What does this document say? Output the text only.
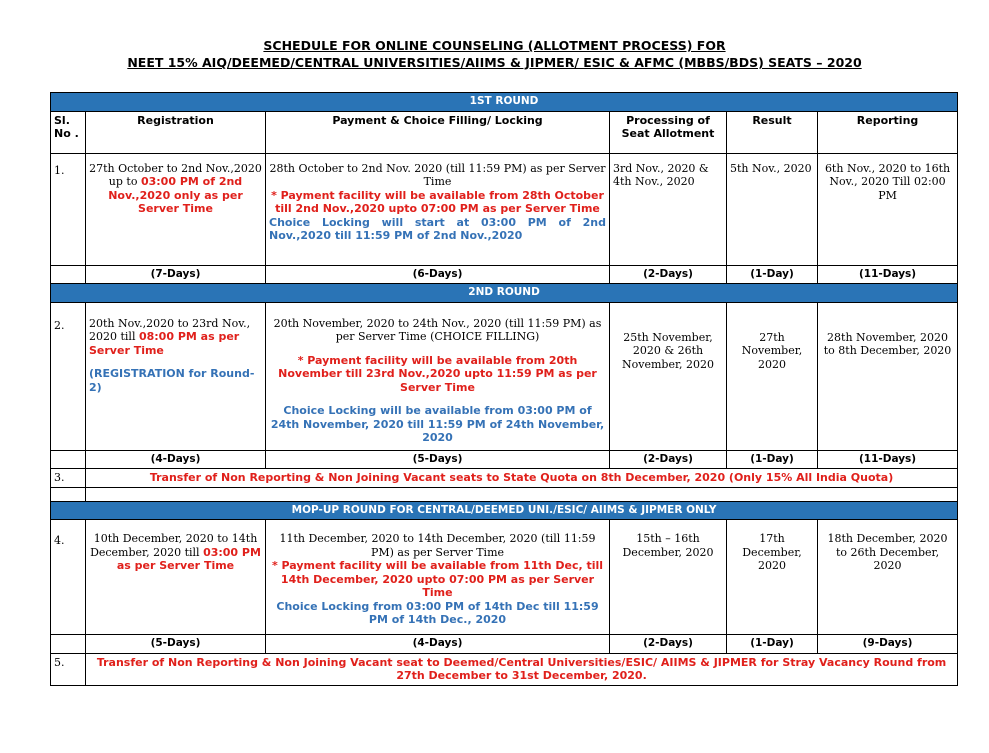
SCHEDULE FOR ONLINE COUNSELING (ALLOTMENT PROCESS) FOR
NEET 15% AIQ/DEEMED/CENTRAL UNIVERSITIES/AIIMS & JIPMER/ ESIC & AFMC (MBBS/BDS) SEATS – 2020
1ST ROUND					
Sl. No .	Registration	Payment & Choice Filling/ Locking	Processing of Seat Allotment	Result	Reporting
1.	27th October to 2nd Nov.,2020 up to 03:00 PM of 2nd Nov.,2020 only as per Server Time	28th October to 2nd Nov. 2020 (till 11:59 PM) as per Server Time
* Payment facility will be available from 28th October till 2nd Nov.,2020 upto 07:00 PM as per Server Time
Choice Locking will start at 03:00 PM of 2nd Nov.,2020 till 11:59 PM of 2nd Nov.,2020	3rd Nov., 2020 & 4th Nov., 2020	5th Nov., 2020	6th Nov., 2020 to 16th Nov., 2020 Till 02:00 PM
	(7-Days)	(6-Days)	(2-Days)	(1-Day)	(11-Days)
2ND ROUND					
2.	20th Nov.,2020 to 23rd Nov., 2020 till 08:00 PM as per Server Time
(REGISTRATION for Round-2)	20th November, 2020 to 24th Nov., 2020 (till 11:59 PM) as per Server Time (CHOICE FILLING)
* Payment facility will be available from 20th November till 23rd Nov.,2020 upto 11:59 PM as per Server Time
Choice Locking will be available from 03:00 PM of 24th November, 2020 till 11:59 PM of 24th November, 2020	25th November, 2020 & 26th November, 2020	27th November, 2020	28th November, 2020 to 8th December, 2020
	(4-Days)	(5-Days)	(2-Days)	(1-Day)	(11-Days)
3.	Transfer of Non Reporting & Non Joining Vacant seats to State Quota on 8th December, 2020 (Only 15% All India Quota)				

MOP-UP ROUND FOR CENTRAL/DEEMED UNI./ESIC/ AIIMS & JIPMER ONLY					
4.	10th December, 2020 to 14th December, 2020 till 03:00 PM as per Server Time	11th December, 2020 to 14th December, 2020 (till 11:59 PM) as per Server Time
* Payment facility will be available from 11th Dec, till 14th December, 2020 upto 07:00 PM as per Server Time
Choice Locking from 03:00 PM of 14th Dec till 11:59 PM of 14th Dec., 2020	15th – 16th December, 2020	17th December, 2020	18th December, 2020 to 26th December, 2020
	(5-Days)	(4-Days)	(2-Days)	(1-Day)	(9-Days)
5.	Transfer of Non Reporting & Non Joining Vacant seat to Deemed/Central Universities/ESIC/ AIIMS & JIPMER for Stray Vacancy Round from 27th December to 31st December, 2020.				
